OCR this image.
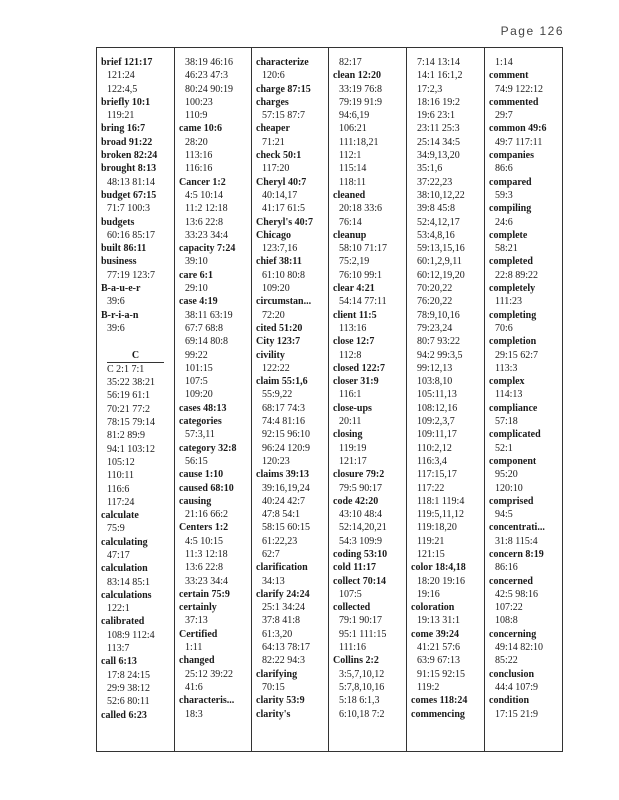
Page 126
brief 121:17
121:24
122:4,5
briefly 10:1
119:21
bring 16:7
broad 91:22
broken 82:24
brought 8:13
48:13 81:14
budget 67:15
71:7 100:3
budgets
60:16 85:17
built 86:11
business
77:19 123:7
B-a-u-e-r
39:6
B-r-i-a-n
39:6
C
C 2:1 7:1
35:22 38:21
56:19 61:1
70:21 77:2
78:15 79:14
81:2 89:9
94:1 103:12
105:12
110:11
116:6
117:24
calculate
75:9
calculating
47:17
calculation
83:14 85:1
calculations
122:1
calibrated
108:9 112:4
113:7
call 6:13
17:8 24:15
29:9 38:12
52:6 80:11
called 6:23
38:19 46:16
46:23 47:3
80:24 90:19
100:23
110:9
came 10:6
28:20
113:16
116:16
Cancer 1:2
4:5 10:14
11:2 12:18
13:6 22:8
33:23 34:4
capacity 7:24
39:10
care 6:1
29:10
case 4:19
38:11 63:19
67:7 68:8
69:14 80:8
99:22
101:15
107:5
109:20
cases 48:13
categories
57:3,11
category 32:8
56:15
cause 1:10
caused 68:10
causing
21:16 66:2
Centers 1:2
4:5 10:15
11:3 12:18
13:6 22:8
33:23 34:4
certain 75:9
certainly
37:13
Certified
1:11
changed
25:12 39:22
41:6
characteris...
18:3
characterize
120:6
charge 87:15
charges
57:15 87:7
cheaper
71:21
check 50:1
117:20
Cheryl 40:7
40:14,17
41:17 61:5
Cheryl's 40:7
Chicago
123:7,16
chief 38:11
61:10 80:8
109:20
circumstan...
72:20
cited 51:20
City 123:7
civility
122:22
claim 55:1,6
55:9,22
68:17 74:3
74:4 81:16
92:15 96:10
96:24 120:9
120:23
claims 39:13
39:16,19,24
40:24 42:7
47:8 54:1
58:15 60:15
61:22,23
62:7
clarification
34:13
clarify 24:24
25:1 34:24
37:8 41:8
61:3,20
64:13 78:17
82:22 94:3
clarifying
70:15
clarity 53:9
clarity's
82:17
clean 12:20
33:19 76:8
79:19 91:9
94:6,19
106:21
111:18,21
112:1
115:14
118:11
cleaned
20:18 33:6
76:14
cleanup
58:10 71:17
75:2,19
76:10 99:1
clear 4:21
54:14 77:11
client 11:5
113:16
close 12:7
112:8
closed 122:7
closer 31:9
116:1
close-ups
20:11
closing
119:19
121:17
closure 79:2
79:5 90:17
code 42:20
43:10 48:4
52:14,20,21
54:3 109:9
coding 53:10
cold 11:17
collect 70:14
107:5
collected
79:1 90:17
95:1 111:15
111:16
Collins 2:2
3:5,7,10,12
5:7,8,10,16
5:18 6:1,3
6:10,18 7:2
7:14 13:14
14:1 16:1,2
17:2,3
18:16 19:2
19:6 23:1
23:11 25:3
25:14 34:5
34:9,13,20
35:1,6
37:22,23
38:10,12,22
39:8 45:8
52:4,12,17
53:4,8,16
59:13,15,16
60:1,2,9,11
60:12,19,20
70:20,22
76:20,22
78:9,10,16
79:23,24
80:7 93:22
94:2 99:3,5
99:12,13
103:8,10
105:11,13
108:12,16
109:2,3,7
109:11,17
110:2,12
116:3,4
117:15,17
117:22
118:1 119:4
119:5,11,12
119:18,20
119:21
121:15
color 18:4,18
18:20 19:16
19:16
coloration
19:13 31:1
come 39:24
41:21 57:6
63:9 67:13
91:15 92:15
119:2
comes 118:24
commencing
1:14
comment
74:9 122:12
commented
29:7
common 49:6
49:7 117:11
companies
86:6
compared
59:3
compiling
24:6
complete
58:21
completed
22:8 89:22
completely
111:23
completing
70:6
completion
29:15 62:7
113:3
complex
114:13
compliance
57:18
complicated
52:1
component
95:20
120:10
comprised
94:5
concentrati...
31:8 115:4
concern 8:19
86:16
concerned
42:5 98:16
107:22
108:8
concerning
49:14 82:10
85:22
conclusion
44:4 107:9
condition
17:15 21:9
